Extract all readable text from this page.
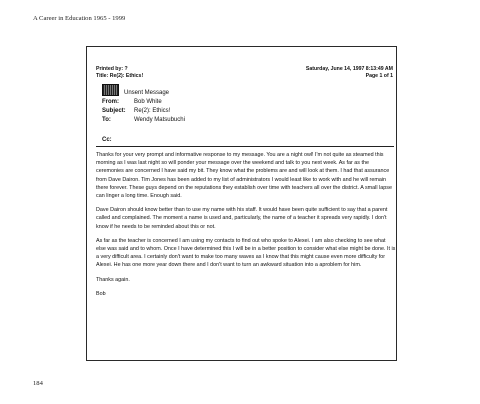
A Career in Education 1965 - 1999
Printed by: ?	Saturday, June 14, 1997 8:13:49 AM
Title: Re(2): Ethics!	Page 1 of 1
Unsent Message
From:	Bob White
Subject:	Re(2): Ethics!
To:	Wendy Matsubuchi
Cc:

Thanks for your very prompt and informative response to my message. You are a night owl! I'm not quite as steamed this morning as I was last night so will ponder your message over the weekend and talk to you next week. As far as the ceremonies are concerned I have said my bit. They know what the problems are and will look at them. I had that assurance from Dave Dairon. Tim Jones has been added to my list of administrators I would least like to work with and he will remain there forever. These guys depend on the reputations they establish over time with teachers all over the district. A small lapse can linger a long time. Enough said.

Dave Dairon should know better than to use my name with his staff. It would have been quite sufficient to say that a parent called and complained. The moment a name is used and, particularly, the name of a teacher it spreads very rapidly. I don't know if he needs to be reminded about this or not.

As far as the teacher is concerned I am using my contacts to find out who spoke to Alexei. I am also checking to see what else was said and to whom. Once I have determined this I will be in a better position to consider what else might be done. It is a very difficult area. I certainly don't want to make too many waves as I know that this might cause even more difficulty for Alexei. He has one more year down there and I don't want to turn an awkward situation into a aproblem for him.

Thanks again.

Bob

184
